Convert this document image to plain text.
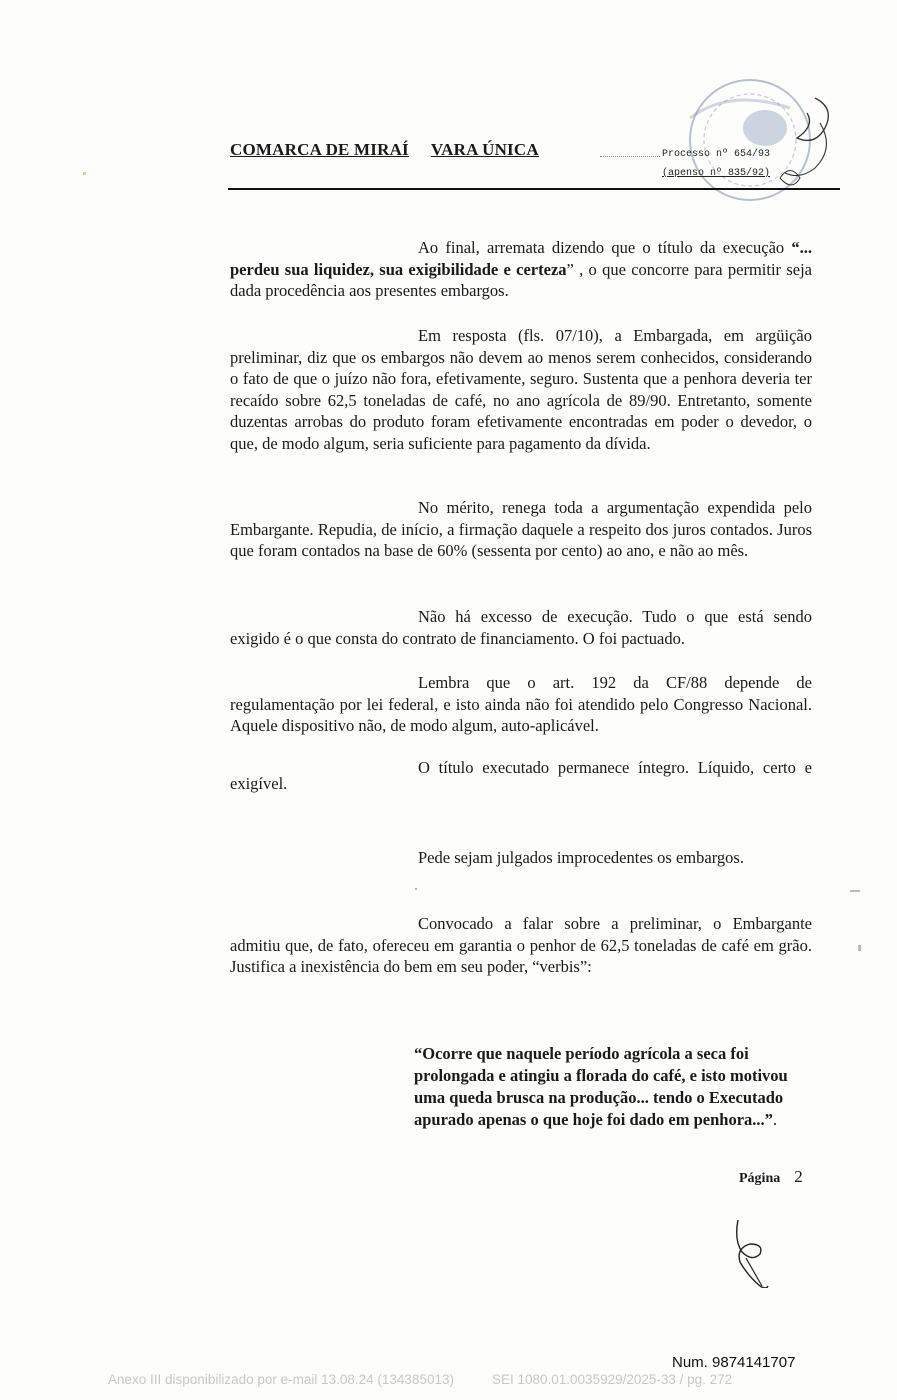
COMARCA DE MIRAÍ VARA ÚNICA	Processo nº 654/93
(apenso nº 835/92)

Ao final, arremata dizendo que o título da execução “... perdeu sua liquidez, sua exigibilidade e certeza” , o que concorre para permitir seja dada procedência aos presentes embargos.

Em resposta (fls. 07/10), a Embargada, em argüição preliminar, diz que os embargos não devem ao menos serem conhecidos, considerando o fato de que o juízo não fora, efetivamente, seguro. Sustenta que a penhora deveria ter recaído sobre 62,5 toneladas de café, no ano agrícola de 89/90. Entretanto, somente duzentas arrobas do produto foram efetivamente encontradas em poder o devedor, o que, de modo algum, seria suficiente para pagamento da dívida.

No mérito, renega toda a argumentação expendida pelo Embargante. Repudia, de início, a firmação daquele a respeito dos juros contados. Juros que foram contados na base de 60% (sessenta por cento) ao ano, e não ao mês.

Não há excesso de execução. Tudo o que está sendo exigido é o que consta do contrato de financiamento. O foi pactuado.

Lembra que o art. 192 da CF/88 depende de regulamentação por lei federal, e isto ainda não foi atendido pelo Congresso Nacional. Aquele dispositivo não, de modo algum, auto-aplicável.

O título executado permanece íntegro. Líquido, certo e exigível.

Pede sejam julgados improcedentes os embargos.

Convocado a falar sobre a preliminar, o Embargante admitiu que, de fato, ofereceu em garantia o penhor de 62,5 toneladas de café em grão. Justifica a inexistência do bem em seu poder, “verbis”:

“Ocorre que naquele período agrícola a seca foi prolongada e atingiu a florada do café, e isto motivou uma queda brusca na produção... tendo o Executado apurado apenas o que hoje foi dado em penhora...”.

Página 2
Num. 9874141707
Anexo III disponibilizado por e-mail 13.08.24 (134385013)	SEI 1080.01.0035929/2025-33 / pg. 272
